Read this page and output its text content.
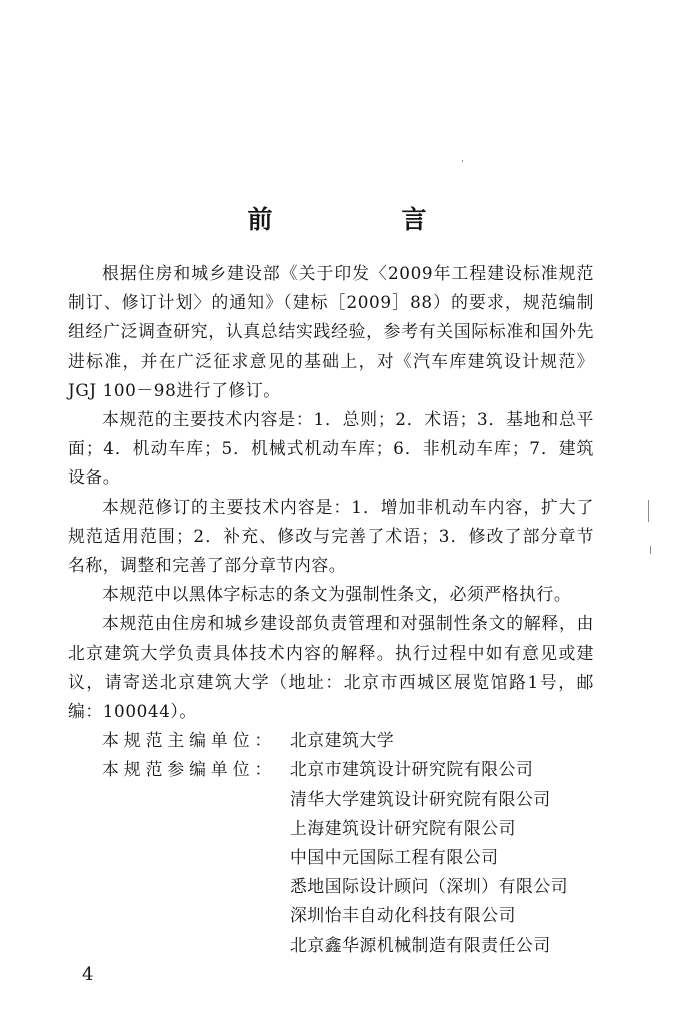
前　言

根据住房和城乡建设部《关于印发〈2009年工程建设标准规范制订、修订计划〉的通知》（建标［2009］88）的要求，规范编制组经广泛调查研究，认真总结实践经验，参考有关国际标准和国外先进标准，并在广泛征求意见的基础上，对《汽车库建筑设计规范》JGJ 100－98进行了修订。

本规范的主要技术内容是：1．总则；2．术语；3．基地和总平面；4．机动车库；5．机械式机动车库；6．非机动车库；7．建筑设备。

本规范修订的主要技术内容是：1．增加非机动车内容，扩大了规范适用范围；2．补充、修改与完善了术语；3．修改了部分章节名称，调整和完善了部分章节内容。

本规范中以黑体字标志的条文为强制性条文，必须严格执行。

本规范由住房和城乡建设部负责管理和对强制性条文的解释，由北京建筑大学负责具体技术内容的解释。执行过程中如有意见或建议，请寄送北京建筑大学（地址：北京市西城区展览馆路1号，邮编：100044）。

本规范主编单位： 北京建筑大学
本规范参编单位： 北京市建筑设计研究院有限公司
清华大学建筑设计研究院有限公司
上海建筑设计研究院有限公司
中国中元国际工程有限公司
悉地国际设计顾问（深圳）有限公司
深圳怡丰自动化科技有限公司
北京鑫华源机械制造有限责任公司
4
